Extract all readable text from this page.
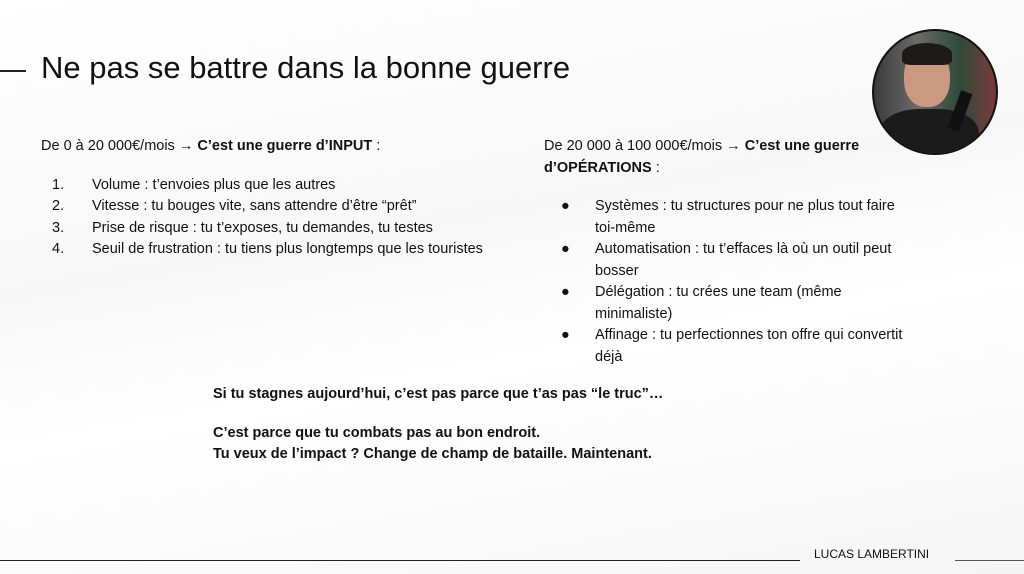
Ne pas se battre dans la bonne guerre
De 0 à 20 000€/mois → C’est une guerre d’INPUT :
1. Volume : t’envoies plus que les autres
2. Vitesse : tu bouges vite, sans attendre d’être “prêt”
3. Prise de risque : tu t’exposes, tu demandes, tu testes
4. Seuil de frustration : tu tiens plus longtemps que les touristes
De 20 000 à 100 000€/mois → C’est une guerre d’OPÉRATIONS :
● Systèmes : tu structures pour ne plus tout faire toi-même
● Automatisation : tu t’effaces là où un outil peut bosser
● Délégation : tu crées une team (même minimaliste)
● Affinage : tu perfectionnes ton offre qui convertit déjà

Si tu stagnes aujourd’hui, c’est pas parce que t’as pas “le truc”…

C’est parce que tu combats pas au bon endroit.
Tu veux de l’impact ? Change de champ de bataille. Maintenant.
LUCAS LAMBERTINI
